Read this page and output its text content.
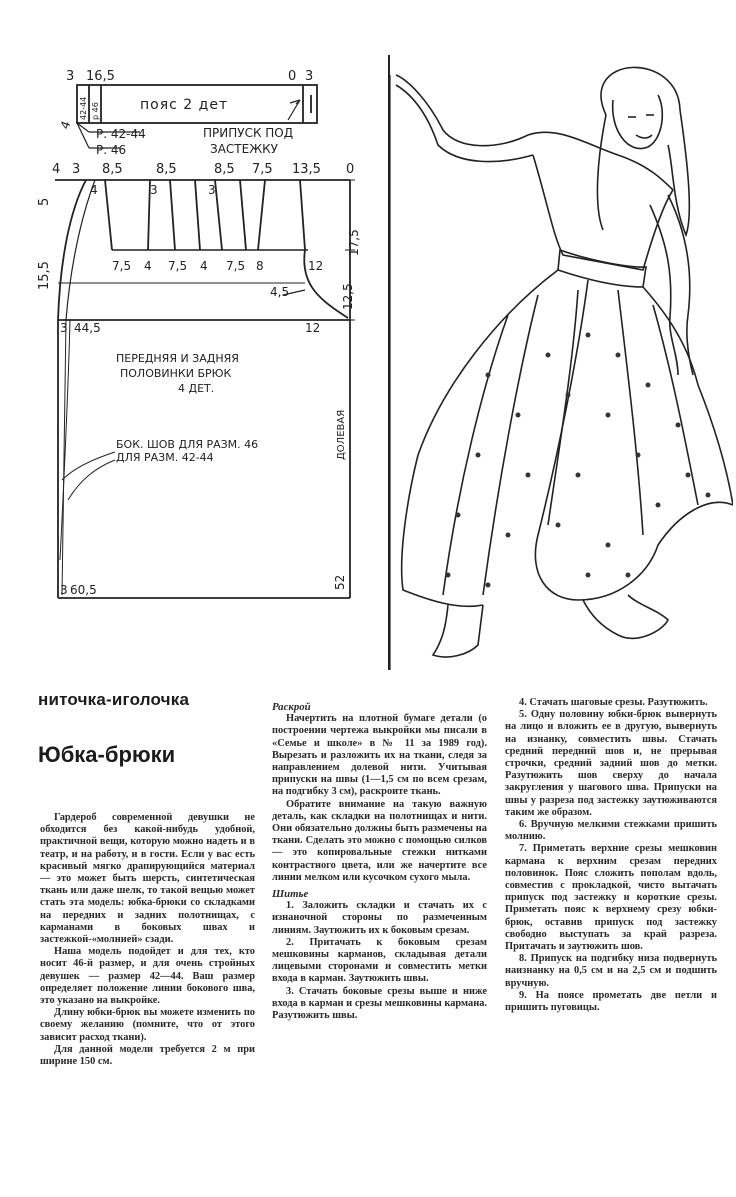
3 16,5	0 3
пояс 2 дет
42-44 р 46
4
Р. 42-44
Р. 46
ПРИПУСК ПОД
ЗАСТЕЖКУ
4 3 8,5	8,5	8,5 7,5 13,5 0
4	3	3
7,5 4 7,5 4 7,5 8
5
15,5
17,5
12
12,5
4,5
3 44,5	12
ПЕРЕДНЯЯ И ЗАДНЯЯ
ПОЛОВИНКИ БРЮК
4 ДЕТ.
БОК. ШОВ ДЛЯ РАЗМ. 46
ДЛЯ РАЗМ. 42-44	ДОЛЕВАЯ
3 60,5	52
ниточка-иголочка
Юбка-брюки

Гардероб современной девушки не обходится без какой-нибудь удобной, практичной вещи, которую можно надеть и в театр, и на работу, и в гости. Если у вас есть красивый мягко драпирующийся материал — это может быть шерсть, синтетическая ткань или даже шелк, то такой вещью может стать эта модель: юбка-брюки со складками на передних и задних полотнищах, с карманами в боковых швах и застежкой-«молнией» сзади.

Наша модель подойдет и для тех, кто носит 46-й размер, и для очень стройных девушек — размер 42—44. Ваш размер определяет положение линии бокового шва, это указано на выкройке.

Длину юбки-брюк вы можете изменить по своему желанию (помните, что от этого зависит расход ткани).

Для данной модели требуется 2 м при ширине 150 см.

Раскрой

Начертить на плотной бумаге детали (о построении чертежа выкройки мы писали в «Семье и школе» в № 11 за 1989 год). Вырезать и разложить их на ткани, следя за направлением долевой нити. Учитывая припуски на швы (1—1,5 см по всем срезам, на подгибку 3 см), раскроите ткань.

Обратите внимание на такую важную деталь, как складки на полотнищах и нити. Они обязательно должны быть размечены на ткани. Сделать это можно с помощью силков — это копировальные стежки нитками контрастного цвета, или же начертите все линии мелком или кусочком сухого мыла.

Шитье

1. Заложить складки и стачать их с изнаночной стороны по размеченным линиям. Заутюжить их к боковым срезам.

2. Притачать к боковым срезам мешковины карманов, складывая детали лицевыми сторонами и совместить метки входа в карман. Заутюжить швы.

3. Стачать боковые срезы выше и ниже входа в карман и срезы мешковины кармана. Разутюжить швы.

4. Стачать шаговые срезы. Разутюжить.

5. Одну половину юбки-брюк вывернуть на лицо и вложить ее в другую, вывернуть на изнанку, совместить швы. Стачать средний передний шов и, не прерывая строчки, средний задний шов до метки. Разутюжить шов сверху до начала закругления у шагового шва. Припуски на швы у разреза под застежку заутюживаются таким же образом.

6. Вручную мелкими стежками пришить молнию.

7. Приметать верхние срезы мешковин кармана к верхним срезам передних половинок. Пояс сложить пополам вдоль, совместив с прокладкой, чисто вытачать припуск под застежку и короткие срезы. Приметать пояс к верхнему срезу юбки-брюк, оставив припуск под застежку свободно выступать за край разреза. Притачать и заутюжить шов.

8. Припуск на подгибку низа подвернуть наизнанку на 0,5 см и на 2,5 см и подшить вручную.

9. На поясе прометать две петли и пришить пуговицы.
